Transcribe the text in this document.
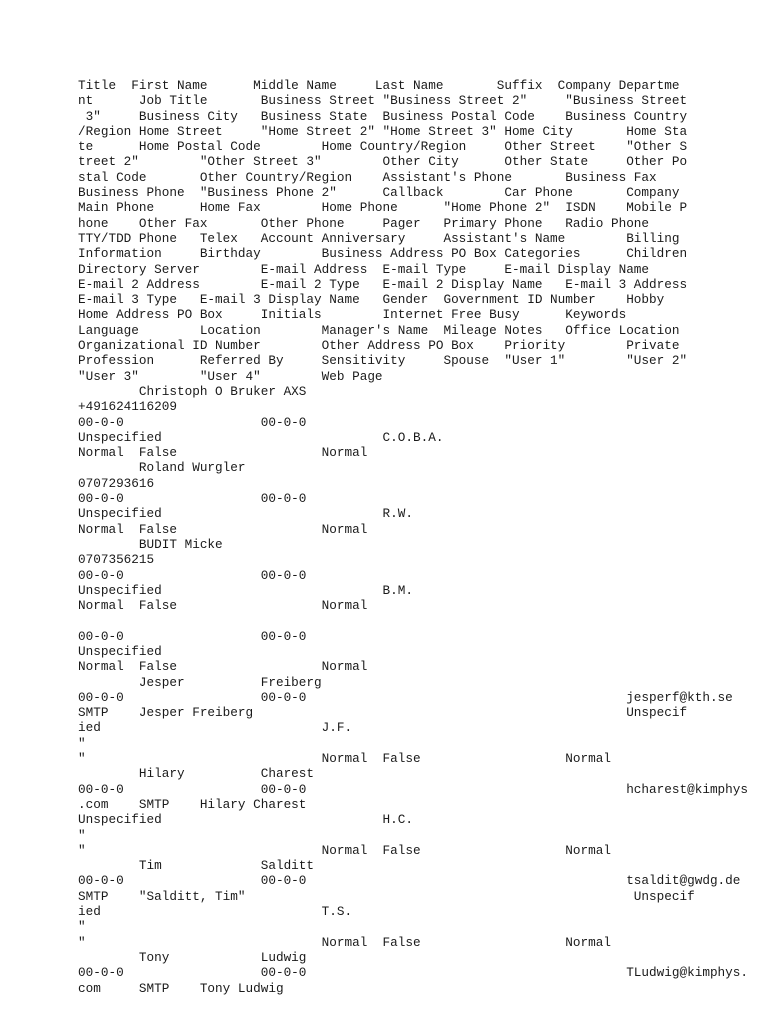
Title  First Name      Middle Name     Last Name       Suffix  Company Departme
nt      Job Title       Business Street "Business Street 2"     "Business Street
3"     Business City   Business State  Business Postal Code    Business Country
/Region Home Street     "Home Street 2" "Home Street 3" Home City       Home Sta
te      Home Postal Code        Home Country/Region     Other Street    "Other S
treet 2"        "Other Street 3"        Other City      Other State     Other Po
stal Code       Other Country/Region    Assistant's Phone       Business Fax
Business Phone  "Business Phone 2"      Callback        Car Phone       Company
Main Phone      Home Fax        Home Phone      "Home Phone 2"  ISDN    Mobile P
hone    Other Fax       Other Phone     Pager   Primary Phone   Radio Phone
TTY/TDD Phone   Telex   Account Anniversary     Assistant's Name        Billing
Information     Birthday        Business Address PO Box Categories      Children
Directory Server        E-mail Address  E-mail Type     E-mail Display Name
E-mail 2 Address        E-mail 2 Type   E-mail 2 Display Name   E-mail 3 Address
E-mail 3 Type   E-mail 3 Display Name   Gender  Government ID Number    Hobby
Home Address PO Box     Initials        Internet Free Busy      Keywords
Language        Location        Manager's Name  Mileage Notes   Office Location
Organizational ID Number        Other Address PO Box    Priority        Private
Profession      Referred By     Sensitivity     Spouse  "User 1"        "User 2"
"User 3"        "User 4"        Web Page
Christoph O Bruker AXS
+491624116209
00-0-0                  00-0-0
Unspecified                             C.O.B.A.
Normal  False                   Normal
Roland Wurgler
0707293616
00-0-0                  00-0-0
Unspecified                             R.W.
Normal  False                   Normal
BUDIT Micke
0707356215
00-0-0                  00-0-0
Unspecified                             B.M.
Normal  False                   Normal
00-0-0                  00-0-0
Unspecified
Normal  False                   Normal
Jesper          Freiberg
00-0-0                  00-0-0                                          jesperf@kth.se
SMTP    Jesper Freiberg                                                 Unspecif
ied                             J.F.
"
"                               Normal  False                   Normal
Hilary          Charest
00-0-0                  00-0-0                                          hcharest@kimphys
.com    SMTP    Hilary Charest
Unspecified                             H.C.
"
"                               Normal  False                   Normal
Tim             Salditt
00-0-0                  00-0-0                                          tsaldit@gwdg.de
SMTP    "Salditt, Tim"                                                   Unspecif
ied                             T.S.
"
"                               Normal  False                   Normal
Tony            Ludwig
00-0-0                  00-0-0                                          TLudwig@kimphys.
com     SMTP    Tony Ludwig
